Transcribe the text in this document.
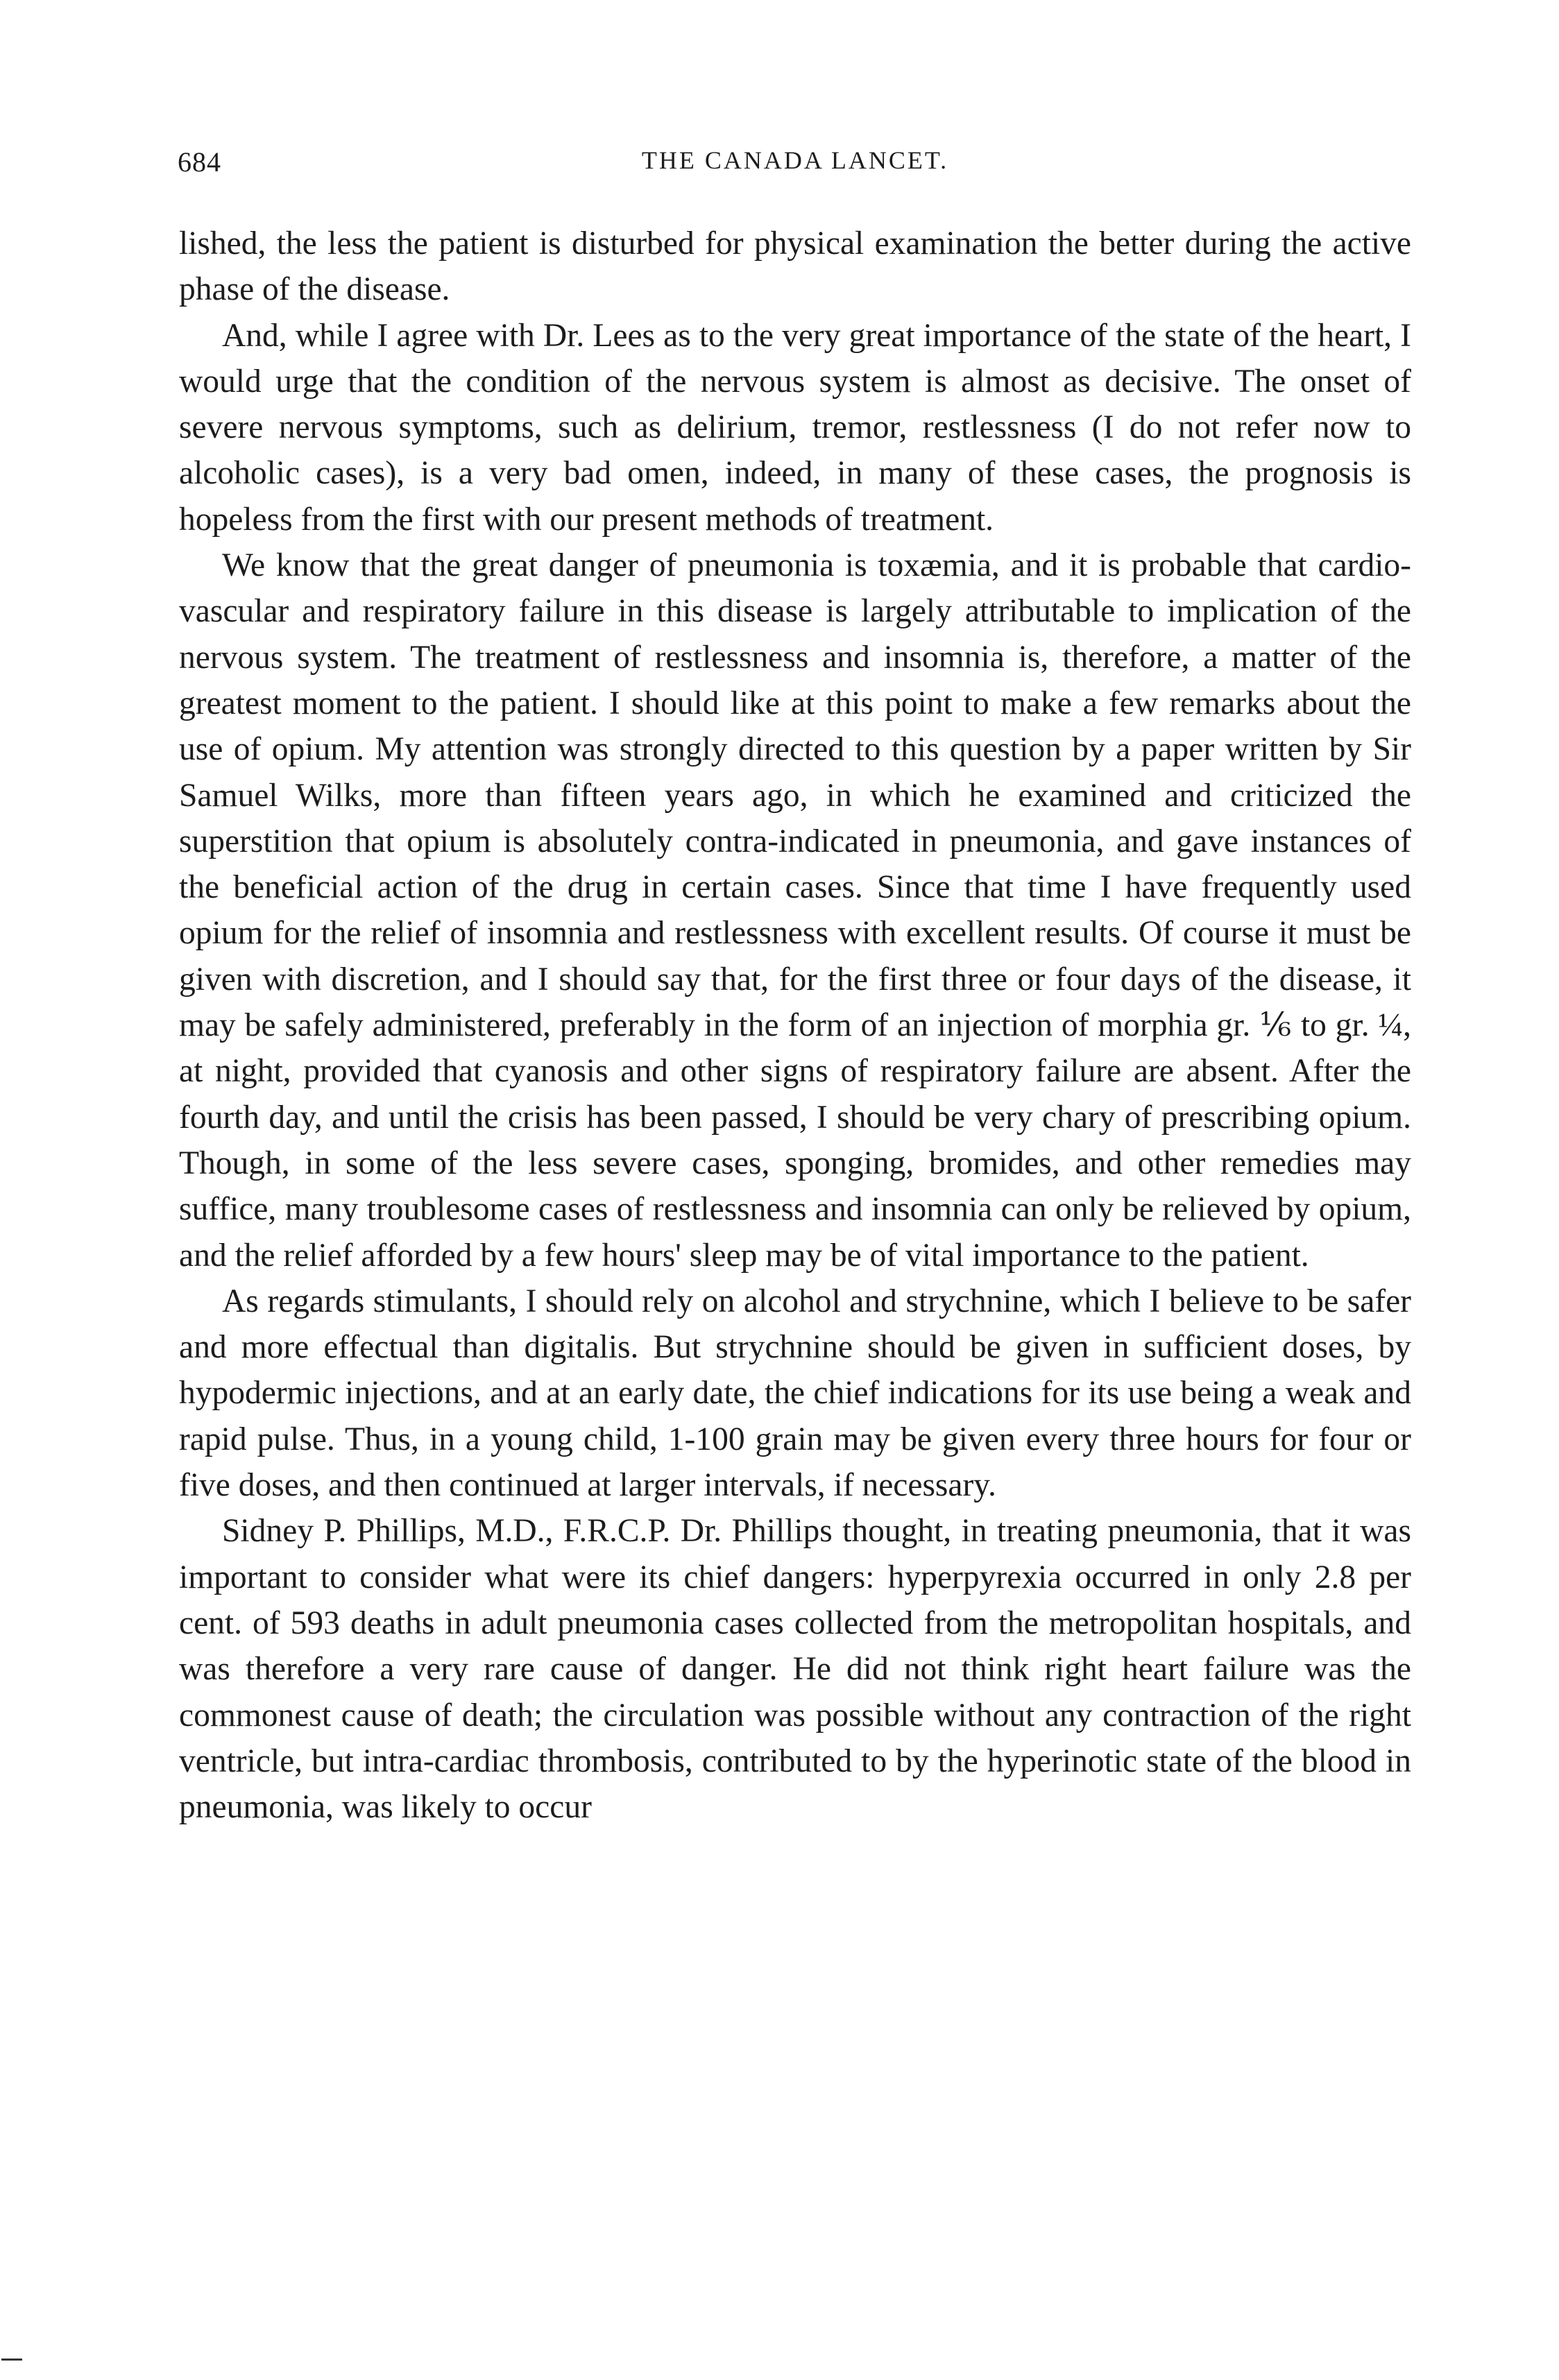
684	THE CANADA LANCET.

lished, the less the patient is disturbed for physical examination the better during the active phase of the disease.

And, while I agree with Dr. Lees as to the very great importance of the state of the heart, I would urge that the condition of the nervous system is almost as decisive. The onset of severe nervous symptoms, such as delirium, tremor, restlessness (I do not refer now to alcoholic cases), is a very bad omen, indeed, in many of these cases, the prognosis is hopeless from the first with our present methods of treatment.

We know that the great danger of pneumonia is toxæmia, and it is probable that cardio-vascular and respiratory failure in this disease is largely attributable to implication of the nervous system. The treatment of restlessness and insomnia is, therefore, a matter of the greatest moment to the patient. I should like at this point to make a few remarks about the use of opium. My attention was strongly directed to this question by a paper written by Sir Samuel Wilks, more than fifteen years ago, in which he examined and criticized the superstition that opium is absolutely contra-indicated in pneumonia, and gave instances of the beneficial action of the drug in certain cases. Since that time I have frequently used opium for the relief of insomnia and restlessness with excellent results. Of course it must be given with discretion, and I should say that, for the first three or four days of the disease, it may be safely administered, preferably in the form of an injection of morphia gr. ⅙ to gr. ¼, at night, provided that cyanosis and other signs of respiratory failure are absent. After the fourth day, and until the crisis has been passed, I should be very chary of prescribing opium. Though, in some of the less severe cases, sponging, bromides, and other remedies may suffice, many troublesome cases of restlessness and insomnia can only be relieved by opium, and the relief afforded by a few hours' sleep may be of vital importance to the patient.

As regards stimulants, I should rely on alcohol and strychnine, which I believe to be safer and more effectual than digitalis. But strychnine should be given in sufficient doses, by hypodermic injections, and at an early date, the chief indications for its use being a weak and rapid pulse. Thus, in a young child, 1-100 grain may be given every three hours for four or five doses, and then continued at larger intervals, if necessary.

Sidney P. Phillips, M.D., F.R.C.P. Dr. Phillips thought, in treating pneumonia, that it was important to consider what were its chief dangers: hyperpyrexia occurred in only 2.8 per cent. of 593 deaths in adult pneumonia cases collected from the metropolitan hospitals, and was therefore a very rare cause of danger. He did not think right heart failure was the commonest cause of death; the circulation was possible without any contraction of the right ventricle, but intra-cardiac thrombosis, contributed to by the hyperinotic state of the blood in pneumonia, was likely to occur
